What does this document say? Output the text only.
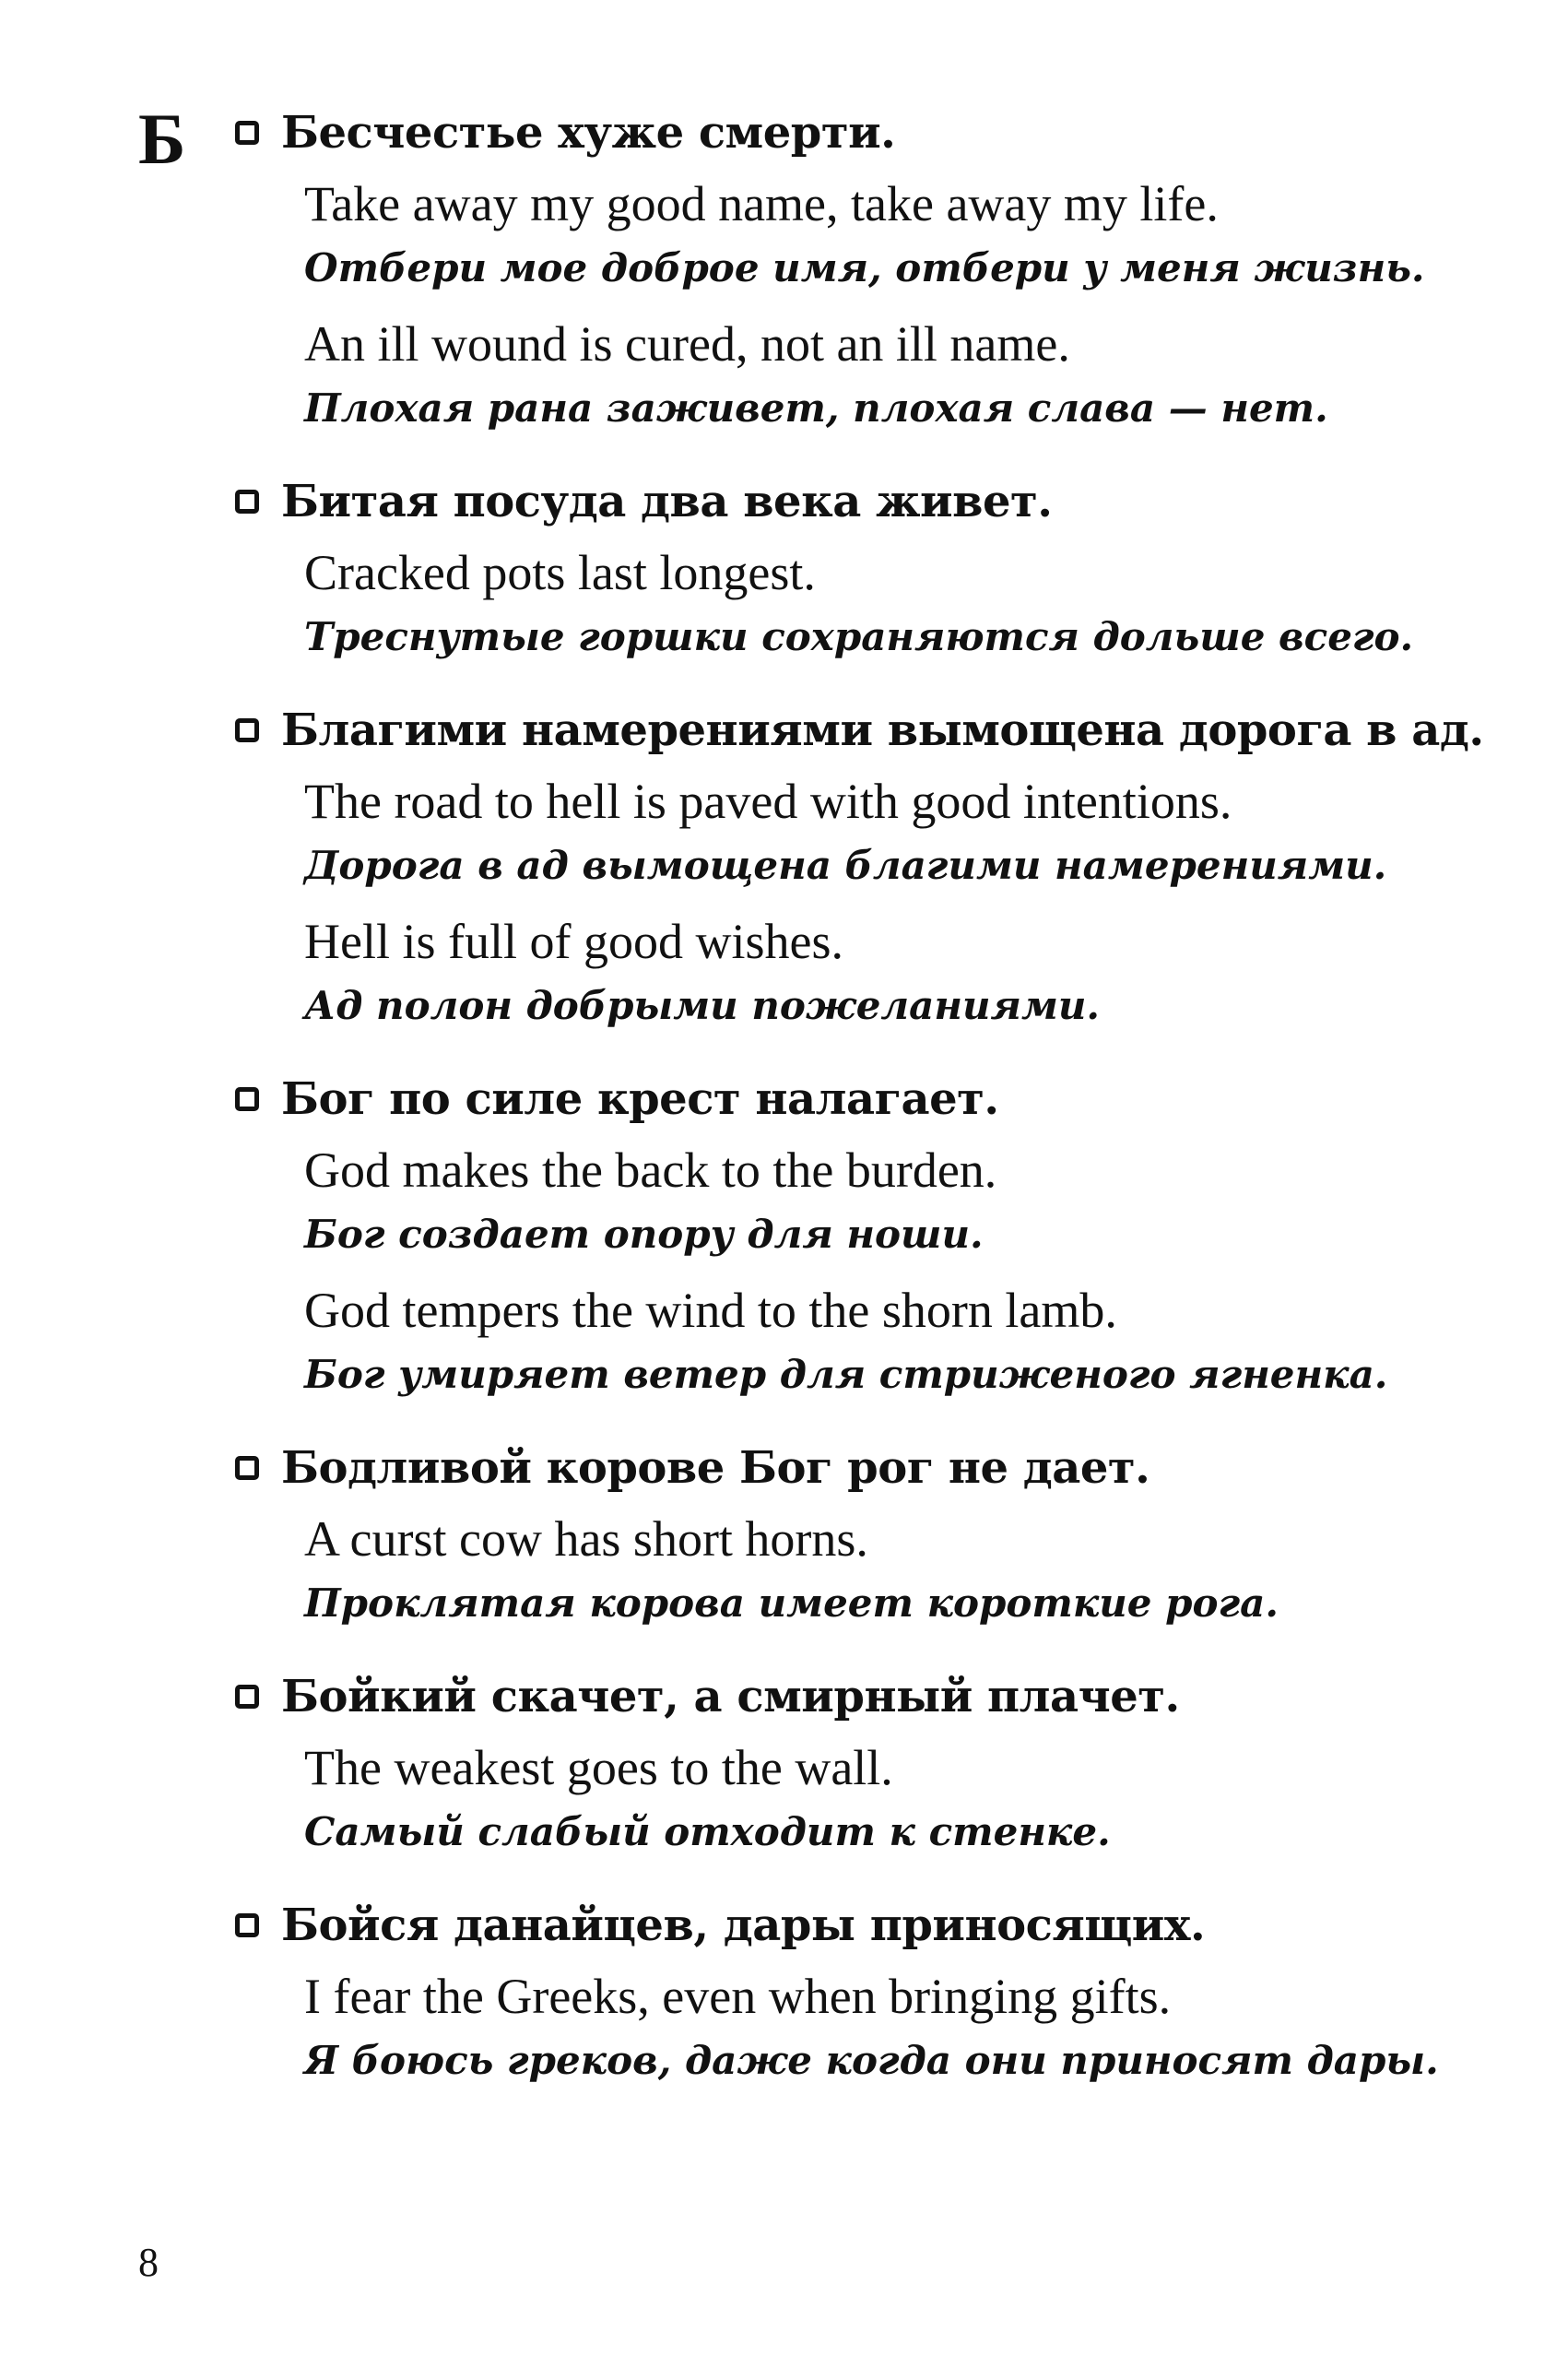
Б Бесчестье хуже смерти.
Take away my good name, take away my life.
Отбери мое доброе имя, отбери у меня жизнь.
An ill wound is cured, not an ill name.
Плохая рана заживет, плохая слава — нет.
Битая посуда два века живет.
Cracked pots last longest.
Треснутые горшки сохраняются дольше всего.
Благими намерениями вымощена дорога в ад.
The road to hell is paved with good intentions.
Дорога в ад вымощена благими намерениями.
Hell is full of good wishes.
Ад полон добрыми пожеланиями.
Бог по силе крест налагает.
God makes the back to the burden.
Бог создает опору для ноши.
God tempers the wind to the shorn lamb.
Бог умиряет ветер для стриженого ягненка.
Бодливой корове Бог рог не дает.
A curst cow has short horns.
Проклятая корова имеет короткие рога.
Бойкий скачет, а смирный плачет.
The weakest goes to the wall.
Самый слабый отходит к стенке.
Бойся данайцев, дары приносящих.
I fear the Greeks, even when bringing gifts.
Я боюсь греков, даже когда они приносят дары.
8
